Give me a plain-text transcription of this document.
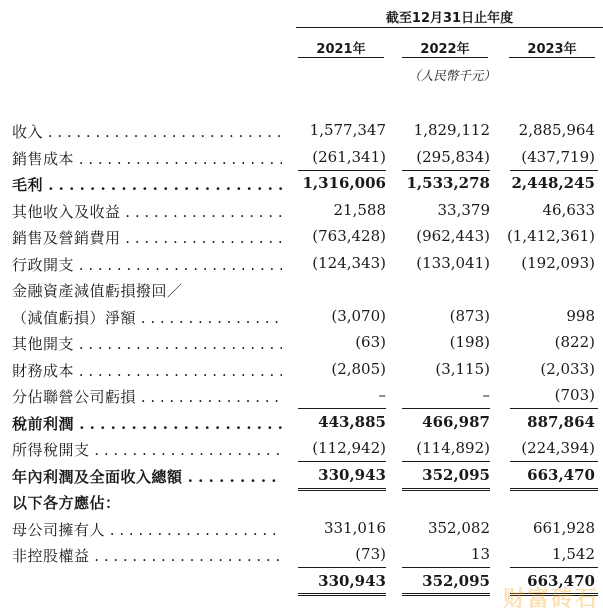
截至12月31日止年度
2021年	2022年	2023年
（人民幣千元）
收入 . . .	1,577,347	1,829,112	2,885,964
銷售成本 . . .	(261,341)	(295,834)	(437,719)
毛利 . . .	1,316,006	1,533,278	2,448,245
其他收入及收益 . . .	21,588	33,379	46,633
銷售及營銷費用 . . .	(763,428)	(962,443) (1,412,361)
行政開支 . . .	(124,343)	(133,041)	(192,093)
金融資產減值虧損撥回／
（減值虧損）淨額 . . .	(3,070)	(873)	998
其他開支 . . .	(63)	(198)	(822)
財務成本 . . .	(2,805)	(3,115)	(2,033)
分佔聯營公司虧損 . . .	–	–	(703)
稅前利潤 . . .	443,885	466,987	887,864
所得稅開支 . . .	(112,942)	(114,892)	(224,394)
年內利潤及全面收入總額 . . .	330,943	352,095	663,470
以下各方應佔：
母公司擁有人 . . .	331,016	352,082	661,928
非控股權益 . . .	(73)	13	1,542
330,943	352,095	663,470
财富砖石
